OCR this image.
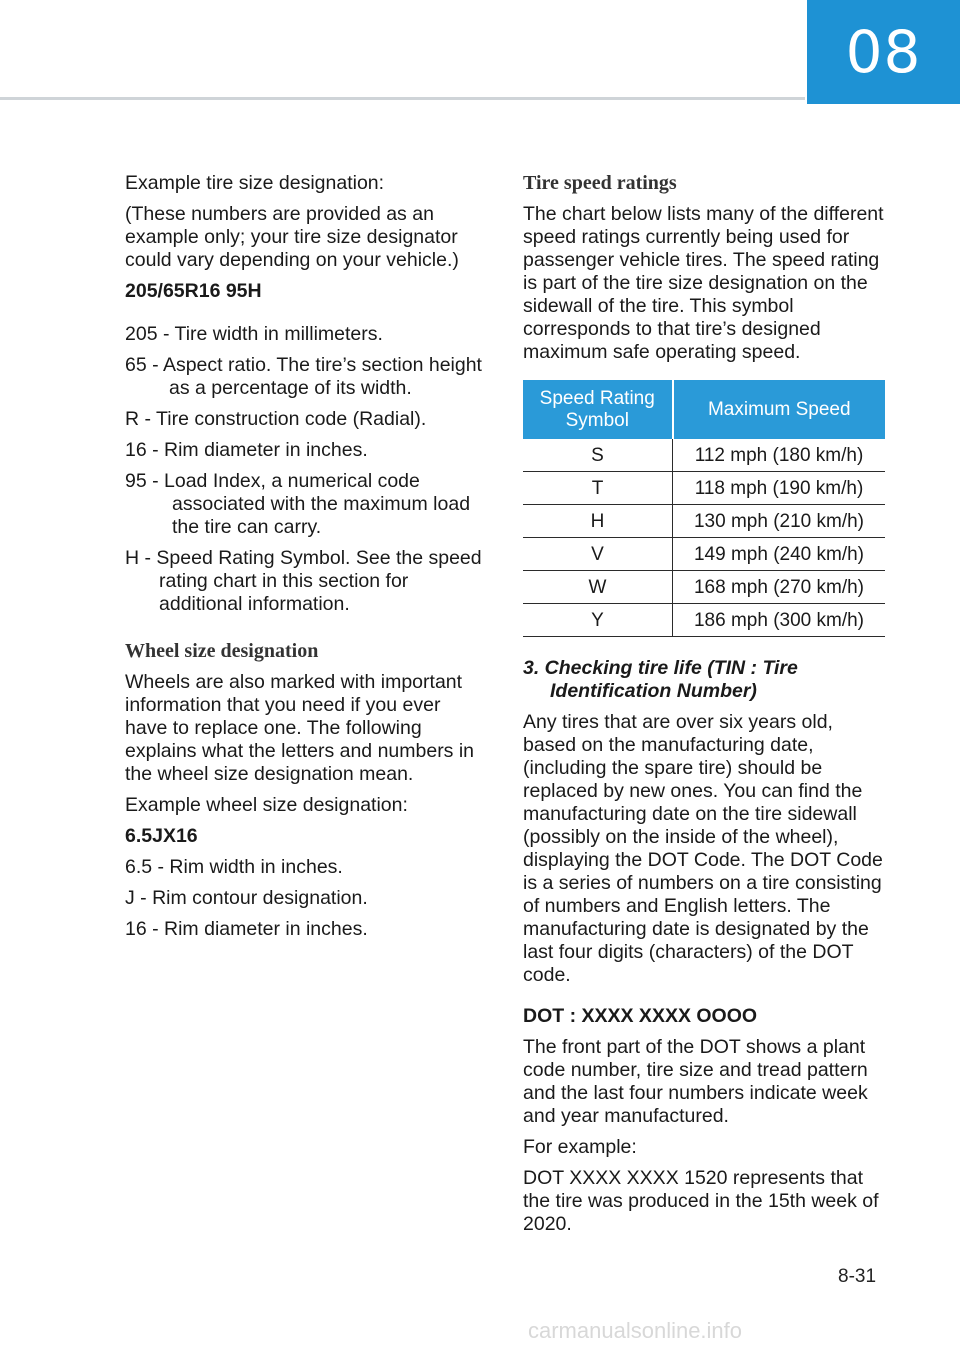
08

Example tire size designation:

(These numbers are provided as an example only; your tire size designator could vary depending on your vehicle.)

205/65R16 95H

205 - Tire width in millimeters.

65 - Aspect ratio. The tire’s section height as a percentage of its width.

R - Tire construction code (Radial).

16 - Rim diameter in inches.

95 - Load Index, a numerical code associated with the maximum load the tire can carry.

H - Speed Rating Symbol. See the speed rating chart in this section for additional information.

Wheel size designation

Wheels are also marked with important information that you need if you ever have to replace one. The following explains what the letters and numbers in the wheel size designation mean.

Example wheel size designation:

6.5JX16

6.5 - Rim width in inches.

J - Rim contour designation.

16 - Rim diameter in inches.

Tire speed ratings

The chart below lists many of the different speed ratings currently being used for passenger vehicle tires. The speed rating is part of the tire size designation on the sidewall of the tire. This symbol corresponds to that tire’s designed maximum safe operating speed.

Speed Rating Symbol	Maximum Speed
S	112 mph (180 km/h)
T	118 mph (190 km/h)
H	130 mph (210 km/h)
V	149 mph (240 km/h)
W	168 mph (270 km/h)
Y	186 mph (300 km/h)

3. Checking tire life (TIN : Tire Identification Number)

Any tires that are over six years old, based on the manufacturing date, (including the spare tire) should be replaced by new ones. You can find the manufacturing date on the tire sidewall (possibly on the inside of the wheel), displaying the DOT Code. The DOT Code is a series of numbers on a tire consisting of numbers and English letters. The manufacturing date is designated by the last four digits (characters) of the DOT code.

DOT : XXXX XXXX OOOO

The front part of the DOT shows a plant code number, tire size and tread pattern and the last four numbers indicate week and year manufactured.

For example:

DOT XXXX XXXX 1520 represents that the tire was produced in the 15th week of 2020.

8-31
carmanualsonline.info
